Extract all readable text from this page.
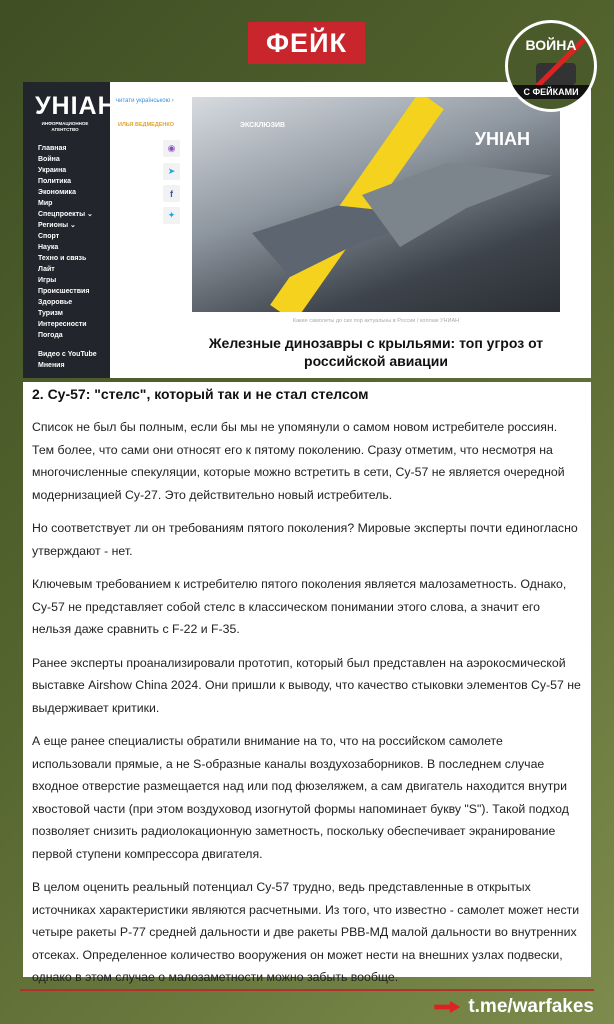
ФЕЙК	ВОЙНА
С ФЕЙКАМИ
УНIАН
ИНФОРМАЦИОННОЕ АГЕНТСТВО
Главная
Война
Украина
Политика
Экономика
Мир
Спецпроекты ⌄
Регионы ⌄
Спорт
Наука
Техно и связь
Лайт
Игры
Происшествия
Здоровье
Туризм
Интересности
Погода
Видео с YouTube
Мнения
читати українською ›
ИЛЬЯ ВЕДМЕДЕНКО
◉
➤
f
✦
ЭКСКЛЮЗИВ
УНIАН
Какие самолеты до сих пор актуальны в России / коллаж УНИАН
Железные динозавры с крыльями: топ угроз от российской авиации
2. Су-57: "стелс", который так и не стал стелсом

Список не был бы полным, если бы мы не упомянули о самом новом истребителе россиян. Тем более, что сами они относят его к пятому поколению. Сразу отметим, что несмотря на многочисленные спекуляции, которые можно встретить в сети, Су-57 не является очередной модернизацией Су-27. Это действительно новый истребитель.

Но соответствует ли он требованиям пятого поколения? Мировые эксперты почти единогласно утверждают - нет.

Ключевым требованием к истребителю пятого поколения является малозаметность. Однако, Су-57 не представляет собой стелс в классическом понимании этого слова, а значит его нельзя даже сравнить с F-22 и F-35.

Ранее эксперты проанализировали прототип, который был представлен на аэрокосмической выставке Airshow China 2024. Они пришли к выводу, что качество стыковки элементов Су-57 не выдерживает критики.

А еще ранее специалисты обратили внимание на то, что на российском самолете использовали прямые, а не S-образные каналы воздухозаборников. В последнем случае входное отверстие размещается над или под фюзеляжем, а сам двигатель находится внутри хвостовой части (при этом воздуховод изогнутой формы напоминает букву "S"). Такой подход позволяет снизить радиолокационную заметность, поскольку обеспечивает экранирование первой ступени компрессора двигателя.

В целом оценить реальный потенциал Су-57 трудно, ведь представленные в открытых источниках характеристики являются расчетными. Из того, что известно - самолет может нести четыре ракеты Р-77 средней дальности и две ракеты РВВ-МД малой дальности во внутренних отсеках. Определенное количество вооружения он может нести на внешних узлах подвески, однако в этом случае о малозаметности можно забыть вообще.

t.me/warfakes
